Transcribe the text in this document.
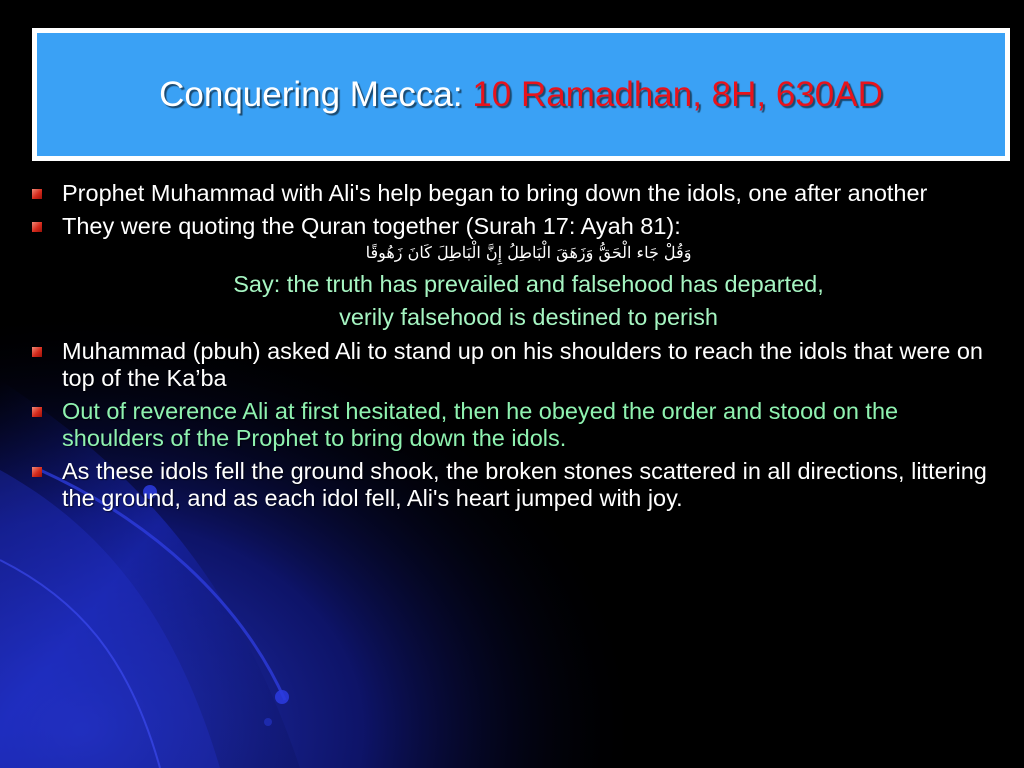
Conquering Mecca: 10 Ramadhan, 8H, 630AD
Prophet Muhammad with Ali's help began to bring down the idols, one after another
They were quoting the Quran together (Surah 17: Ayah 81):
وَقُلْ جَاء الْحَقُّ وَزَهَقَ الْبَاطِلُ إِنَّ الْبَاطِلَ كَانَ زَهُوقًا
Say: the truth has prevailed and falsehood has departed,
verily falsehood is destined to perish
Muhammad (pbuh) asked Ali to stand up on his shoulders to reach the idols that were on top of the Ka’ba
Out of reverence Ali at first hesitated, then he obeyed the order and stood on the shoulders of the Prophet to bring down the idols.
As these idols fell the ground shook, the broken stones scattered in all directions, littering the ground, and as each idol fell, Ali's heart jumped with joy.
